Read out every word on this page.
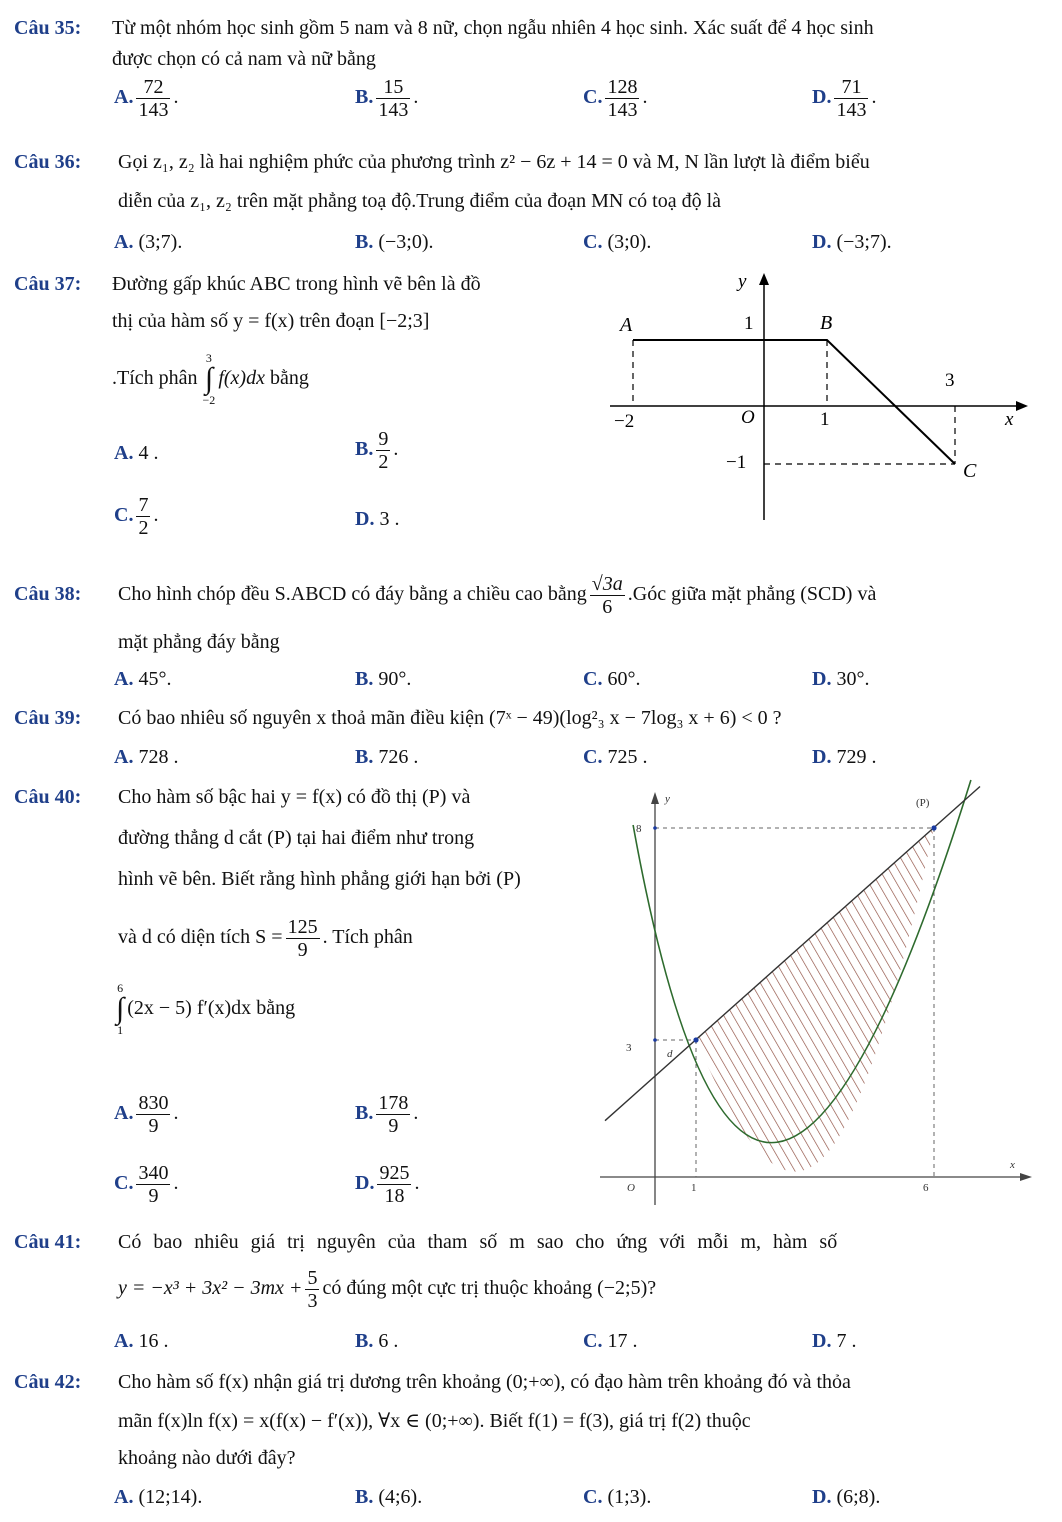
Câu 35: Từ một nhóm học sinh gồm 5 nam và 8 nữ, chọn ngẫu nhiên 4 học sinh. Xác suất để 4 học sinh
được chọn có cả nam và nữ bằng
A. $\frac{72}{143}$ .	B. $\frac{15}{143}$ .	C. $\frac{128}{143}$ .	D. $\frac{71}{143}$ .
Câu 36: Gọi z₁, z₂ là hai nghiệm phức của phương trình z² − 6z + 14 = 0 và M, N lần lượt là điểm biểu
diễn của z₁, z₂ trên mặt phẳng toạ độ.Trung điểm của đoạn MN có toạ độ là
A. (3;7).	B. (−3;0).	C. (3;0).	D. (−3;7).
Câu 37: Đường gấp khúc ABC trong hình vẽ bên là đồ
thị của hàm số y = f(x) trên đoạn [−2;3]
.Tích phân 3
∫
−2f(x)dx bằng
A. 4 .	B. $\frac{9}{2}$ .
C. $\frac{7}{2}$ .	D. 3 .
y
x
A	B
C
1
3
−2	O	1
−1
Câu 38: Cho hình chóp đều S.ABCD có đáy bằng a chiều cao bằng $\frac{√3a}{6}$ .Góc giữa mặt phẳng (SCD) và
mặt phẳng đáy bằng
A. 45°.	B. 90°.	C. 60°.	D. 30°.
Câu 39: Có bao nhiêu số nguyên x thoả mãn điều kiện (7ˣ − 49)(log²₃ x − 7log₃ x + 6) < 0 ?
A. 728 .	B. 726 .	C. 725 .	D. 729 .
Câu 40: Cho hàm số bậc hai y = f(x) có đồ thị (P) và
đường thẳng d cắt (P) tại hai điểm như trong
hình vẽ bên. Biết rằng hình phẳng giới hạn bởi (P)
và d có diện tích $S = \frac{125}{9}$ . Tích phân
6
∫
1(2x − 5) f′(x)dx bằng
A. $\frac{830}{9}$ .	B. $\frac{178}{9}$ .
C. $\frac{340}{9}$ .	D. $\frac{925}{18}$ .
y
x
(P)
d
O
8
3
1	6
Câu 41: Có bao nhiêu giá trị nguyên của tham số m sao cho ứng với mỗi m, hàm số
$y = -x^3 + 3x^2 - 3mx + \frac{5}{3}$ có đúng một cực trị thuộc khoảng (−2;5)?
A. 16 .	B. 6 .	C. 17 .	D. 7 .
Câu 42: Cho hàm số f(x) nhận giá trị dương trên khoảng (0;+∞), có đạo hàm trên khoảng đó và thỏa
mãn f(x)ln f(x) = x(f(x) − f′(x)), ∀x ∈ (0;+∞). Biết f(1) = f(3), giá trị f(2) thuộc
khoảng nào dưới đây?
A. (12;14).	B. (4;6).	C. (1;3).	D. (6;8).
